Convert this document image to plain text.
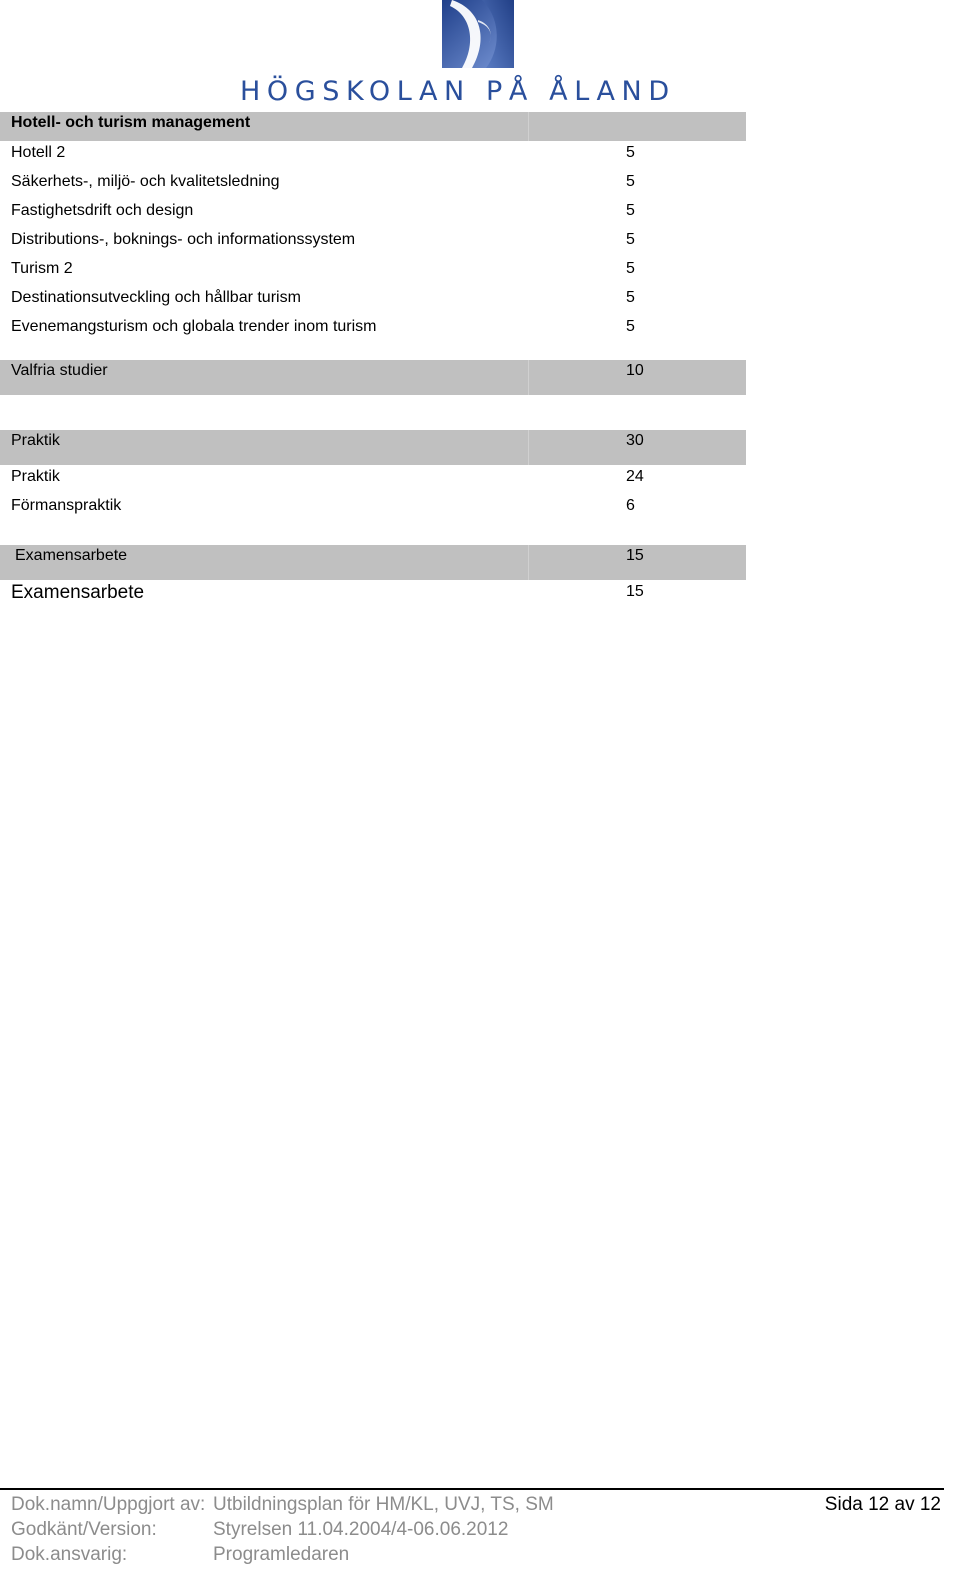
HÖGSKOLAN PÅ ÅLAND
Hotell- och turism management
Hotell 2	5
Säkerhets-, miljö- och kvalitetsledning	5
Fastighetsdrift och design	5
Distributions-, boknings- och informationssystem	5
Turism 2	5
Destinationsutveckling och hållbar turism	5
Evenemangsturism och globala trender inom turism	5
Valfria studier	10
Praktik	30
Praktik	24
Förmanspraktik	6
Examensarbete	15
Examensarbete	15
Dok.namn/Uppgjort av: Utbildningsplan för HM/KL, UVJ, TS, SM	Sida 12 av 12
Godkänt/Version:	Styrelsen 11.04.2004/4-06.06.2012
Dok.ansvarig:	Programledaren
